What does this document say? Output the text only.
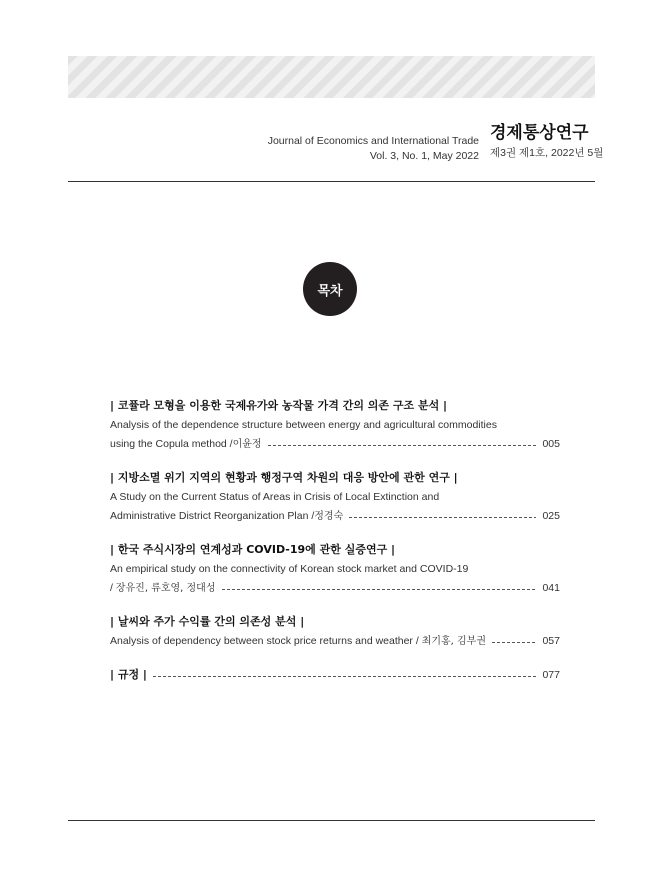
Journal of Economics and International Trade
Vol. 3, No. 1, May 2022
경제통상연구
제3권 제1호, 2022년 5월
목차
| 코퓰라 모형을 이용한 국제유가와 농작물 가격 간의 의존 구조 분석 |
Analysis of the dependence structure between energy and agricultural commodities
using the Copula method /이윤정	005
| 지방소멸 위기 지역의 현황과 행정구역 차원의 대응 방안에 관한 연구 |
A Study on the Current Status of Areas in Crisis of Local Extinction and
Administrative District Reorganization Plan /정경숙	025
| 한국 주식시장의 연계성과 COVID-19에 관한 실증연구 |
An empirical study on the connectivity of Korean stock market and COVID-19
/ 장유진, 류호영, 정대성	041
| 날씨와 주가 수익률 간의 의존성 분석 |
Analysis of dependency between stock price returns and weather / 최기홍, 김부권	057
| 규정 |	077
